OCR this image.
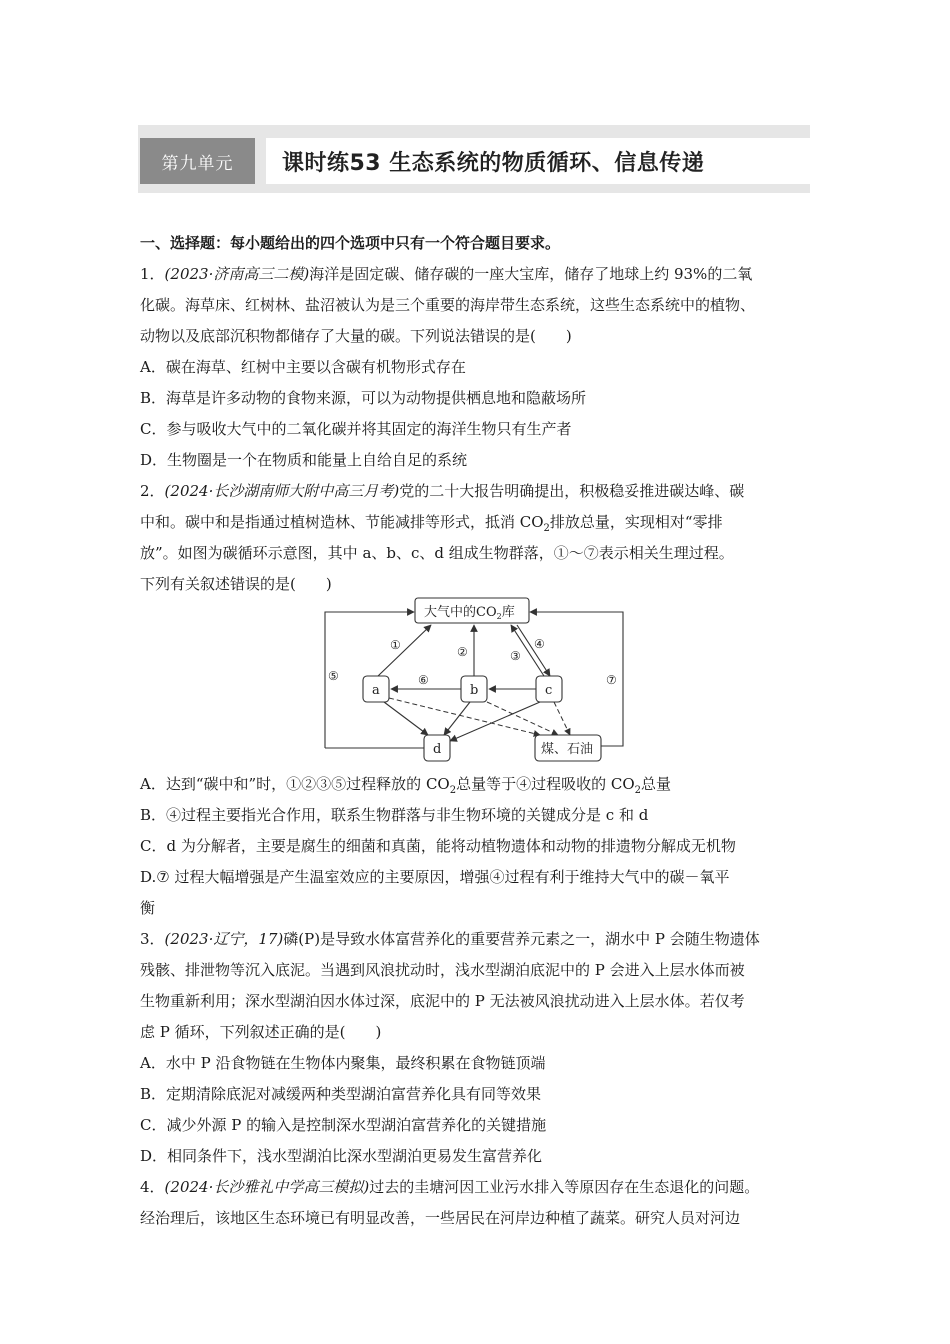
第九单元	课时练53 生态系统的物质循环、信息传递
一、选择题：每小题给出的四个选项中只有一个符合题目要求。
1．(2023·济南高三二模)海洋是固定碳、储存碳的一座大宝库，储存了地球上约 93%的二氧
化碳。海草床、红树林、盐沼被认为是三个重要的海岸带生态系统，这些生态系统中的植物、
动物以及底部沉积物都储存了大量的碳。下列说法错误的是(　　)
A．碳在海草、红树中主要以含碳有机物形式存在
B．海草是许多动物的食物来源，可以为动物提供栖息地和隐蔽场所
C．参与吸收大气中的二氧化碳并将其固定的海洋生物只有生产者
D．生物圈是一个在物质和能量上自给自足的系统
2．(2024·长沙湖南师大附中高三月考)党的二十大报告明确提出，积极稳妥推进碳达峰、碳
中和。碳中和是指通过植树造林、节能减排等形式，抵消 $CO_2$排放总量，实现相对“零排
放”。如图为碳循环示意图，其中 a、b、c、d 组成生物群落，①～⑦表示相关生理过程。
下列有关叙述错误的是(　　)
大气中的$CO_2$库
a	b	c
d	煤、石油
①	②	③
④
⑤	⑥	⑦
A．达到“碳中和”时，①②③⑤过程释放的 $CO_2$总量等于④过程吸收的 $CO_2$总量
B．④过程主要指光合作用，联系生物群落与非生物环境的关键成分是 c 和 d
C．d 为分解者，主要是腐生的细菌和真菌，能将动植物遗体和动物的排遗物分解成无机物
D.⑦ 过程大幅增强是产生温室效应的主要原因，增强④过程有利于维持大气中的碳－氧平
衡
3．(2023·辽宁，17)磷(P)是导致水体富营养化的重要营养元素之一，湖水中 P 会随生物遗体
残骸、排泄物等沉入底泥。当遇到风浪扰动时，浅水型湖泊底泥中的 P 会进入上层水体而被
生物重新利用；深水型湖泊因水体过深，底泥中的 P 无法被风浪扰动进入上层水体。若仅考
虑 P 循环，下列叙述正确的是(　　)
A．水中 P 沿食物链在生物体内聚集，最终积累在食物链顶端
B．定期清除底泥对减缓两种类型湖泊富营养化具有同等效果
C．减少外源 P 的输入是控制深水型湖泊富营养化的关键措施
D．相同条件下，浅水型湖泊比深水型湖泊更易发生富营养化
4．(2024·长沙雅礼中学高三模拟)过去的圭塘河因工业污水排入等原因存在生态退化的问题。
经治理后，该地区生态环境已有明显改善，一些居民在河岸边种植了蔬菜。研究人员对河边
